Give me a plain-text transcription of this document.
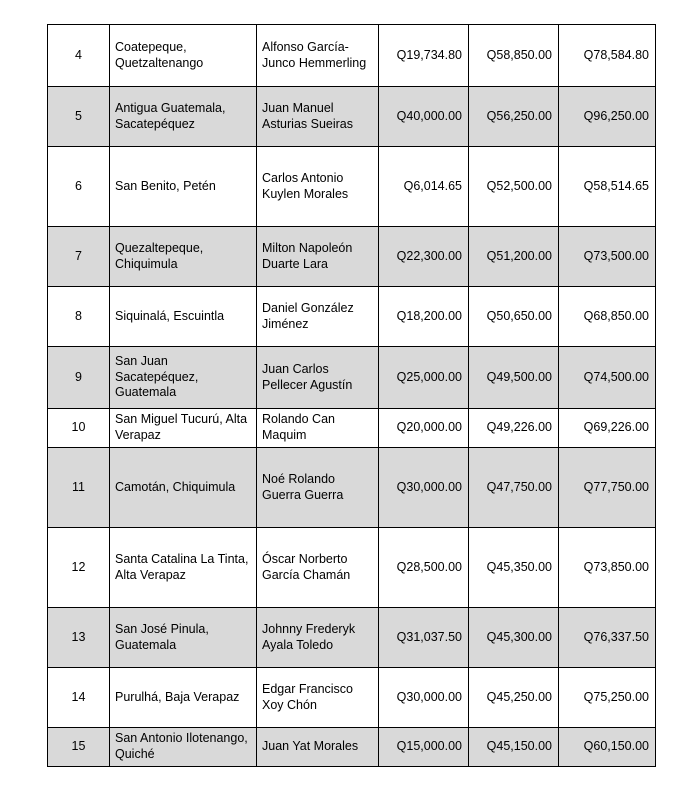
4	Coatepeque, Quetzaltenango	Alfonso García-Junco Hemmerling	Q19,734.80	Q58,850.00	Q78,584.80
5	Antigua Guatemala, Sacatepéquez	Juan Manuel Asturias Sueiras	Q40,000.00	Q56,250.00	Q96,250.00
6	San Benito, Petén	Carlos Antonio Kuylen Morales	Q6,014.65	Q52,500.00	Q58,514.65
7	Quezaltepeque, Chiquimula	Milton Napoleón Duarte Lara	Q22,300.00	Q51,200.00	Q73,500.00
8	Siquinalá, Escuintla	Daniel González Jiménez	Q18,200.00	Q50,650.00	Q68,850.00
9	San Juan Sacatepéquez, Guatemala	Juan Carlos Pellecer Agustín	Q25,000.00	Q49,500.00	Q74,500.00
10	San Miguel Tucurú, Alta Verapaz	Rolando Can Maquim	Q20,000.00	Q49,226.00	Q69,226.00
11	Camotán, Chiquimula	Noé Rolando Guerra Guerra	Q30,000.00	Q47,750.00	Q77,750.00
12	Santa Catalina La Tinta, Alta Verapaz	Óscar Norberto García Chamán	Q28,500.00	Q45,350.00	Q73,850.00
13	San José Pinula, Guatemala	Johnny Frederyk Ayala Toledo	Q31,037.50	Q45,300.00	Q76,337.50
14	Purulhá, Baja Verapaz	Edgar Francisco Xoy Chón	Q30,000.00	Q45,250.00	Q75,250.00
15	San Antonio Ilotenango, Quiché	Juan Yat Morales	Q15,000.00	Q45,150.00	Q60,150.00
